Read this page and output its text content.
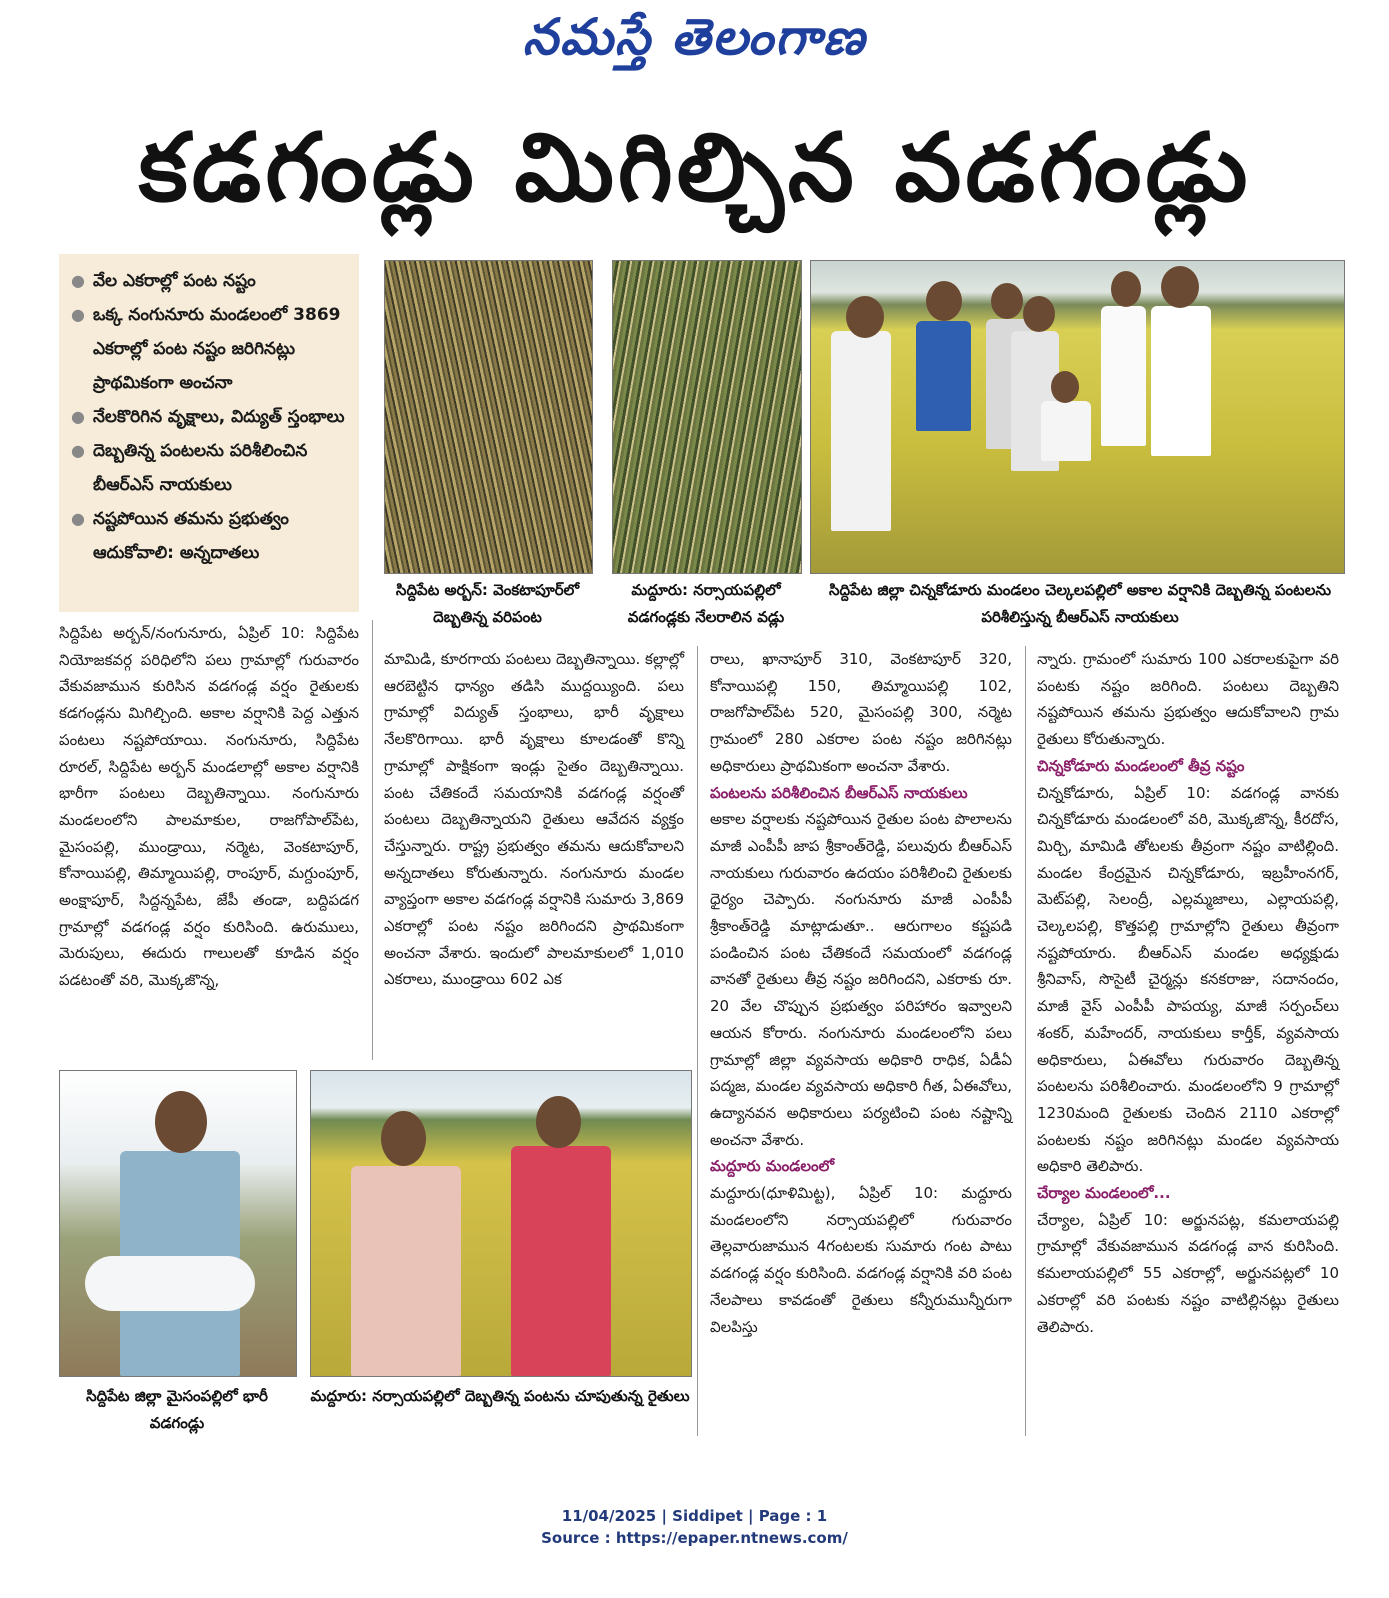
నమస్తే తెలంగాణ
కడగండ్లు మిగిల్చిన వడగండ్లు
● వేల ఎకరాల్లో పంట నష్టం
● ఒక్క నంగునూరు మండలంలో 3869 ఎకరాల్లో పంట నష్టం జరిగినట్లు ప్రాథమికంగా అంచనా
● నేలకొరిగిన వృక్షాలు, విద్యుత్ స్తంభాలు
● దెబ్బతిన్న పంటలను పరిశీలించిన బీఆర్ఎస్ నాయకులు
● నష్టపోయిన తమను ప్రభుత్వం ఆదుకోవాలి: అన్నదాతలు
సిద్దిపేట అర్బన్: వెంకటాపూర్‌లో దెబ్బతిన్న వరిపంట
మద్దూరు: నర్సాయపల్లిలో వడగండ్లకు నేలరాలిన వడ్లు
సిద్దిపేట జిల్లా చిన్నకోడూరు మండలం చెల్కలపల్లిలో అకాల వర్షానికి దెబ్బతిన్న పంటలను పరిశీలిస్తున్న బీఆర్ఎస్ నాయకులు
సిద్దిపేట అర్బన్/నంగునూరు, ఏప్రిల్ 10: సిద్దిపేట నియోజకవర్గ పరిధిలోని పలు గ్రామాల్లో గురువారం వేకువజామున కురిసిన వడగండ్ల వర్షం రైతులకు కడగండ్లను మిగిల్చింది. అకాల వర్షానికి పెద్ద ఎత్తున పంటలు నష్టపోయాయి. నంగునూరు, సిద్దిపేట రూరల్, సిద్దిపేట అర్బన్ మండలాల్లో అకాల వర్షానికి భారీగా పంటలు దెబ్బతిన్నాయి. నంగునూరు మండలంలోని పాలమాకుల, రాజగోపాల్‌పేట, మైసంపల్లి, ముండ్రాయి, నర్మెట, వెంకటాపూర్, కోనాయిపల్లి, తిమ్మాయిపల్లి, రాంపూర్, మగ్దుంపూర్, అంక్షాపూర్, సిద్దన్నపేట, జేపీ తండా, బద్దిపడగ గ్రామాల్లో వడగండ్ల వర్షం కురిసింది. ఉరుములు, మెరుపులు, ఈదురు గాలులతో కూడిన వర్షం పడటంతో వరి, మొక్కజొన్న,
మామిడి, కూరగాయ పంటలు దెబ్బతిన్నాయి. కల్లాల్లో ఆరబెట్టిన ధాన్యం తడిసి ముద్దయ్యింది. పలు గ్రామాల్లో విద్యుత్ స్తంభాలు, భారీ వృక్షాలు నేలకొరిగాయి. భారీ వృక్షాలు కూలడంతో కొన్ని గ్రామాల్లో పాక్షికంగా ఇండ్లు సైతం దెబ్బతిన్నాయి. పంట చేతికందే సమయానికి వడగండ్ల వర్షంతో పంటలు దెబ్బతిన్నాయని రైతులు ఆవేదన వ్యక్తం చేస్తున్నారు. రాష్ట్ర ప్రభుత్వం తమను ఆదుకోవాలని అన్నదాతలు కోరుతున్నారు. నంగునూరు మండల వ్యాప్తంగా అకాల వడగండ్ల వర్షానికి సుమారు 3,869 ఎకరాల్లో పంట నష్టం జరిగిందని ప్రాథమికంగా అంచనా వేశారు. ఇందులో పాలమాకులలో 1,010 ఎకరాలు, ముండ్రాయి 602 ఎక
రాలు, ఖానాపూర్ 310, వెంకటాపూర్ 320, కోనాయిపల్లి 150, తిమ్మాయిపల్లి 102, రాజగోపాల్‌పేట 520, మైసంపల్లి 300, నర్మెట గ్రామంలో 280 ఎకరాల పంట నష్టం జరిగినట్లు అధికారులు ప్రాథమికంగా అంచనా వేశారు.
పంటలను పరిశీలించిన బీఆర్ఎస్ నాయకులు
అకాల వర్షాలకు నష్టపోయిన రైతుల పంట పొలాలను మాజీ ఎంపీపీ జాప శ్రీకాంత్‌రెడ్డి, పలువురు బీఆర్ఎస్ నాయకులు గురువారం ఉదయం పరిశీలించి రైతులకు ధైర్యం చెప్పారు. నంగునూరు మాజీ ఎంపీపీ శ్రీకాంత్‌రెడ్డి మాట్లాడుతూ.. ఆరుగాలం కష్టపడి పండించిన పంట చేతికందే సమయంలో వడగండ్ల వానతో రైతులు తీవ్ర నష్టం జరిగిందని, ఎకరాకు రూ. 20 వేల చొప్పున ప్రభుత్వం పరిహారం ఇవ్వాలని ఆయన కోరారు. నంగునూరు మండలంలోని పలు గ్రామాల్లో జిల్లా వ్యవసాయ అధికారి రాధిక, ఏడీఏ పద్మజ, మండల వ్యవసాయ అధికారి గీత, ఏఈవోలు, ఉద్యానవన అధికారులు పర్యటించి పంట నష్టాన్ని అంచనా వేశారు.
మద్దూరు మండలంలో
మద్దూరు(ధూళిమిట్ట), ఏప్రిల్ 10: మద్దూరు మండలంలోని నర్సాయపల్లిలో గురువారం తెల్లవారుజామున 4గంటలకు సుమారు గంట పాటు వడగండ్ల వర్షం కురిసింది. వడగండ్ల వర్షానికి వరి పంట నేలపాలు కావడంతో రైతులు కన్నీరుమున్నీరుగా విలపిస్తు
న్నారు. గ్రామంలో సుమారు 100 ఎకరాలకుపైగా వరి పంటకు నష్టం జరిగింది. పంటలు దెబ్బతిని నష్టపోయిన తమను ప్రభుత్వం ఆదుకోవాలని గ్రామ రైతులు కోరుతున్నారు.
చిన్నకోడూరు మండలంలో తీవ్ర నష్టం
చిన్నకోడూరు, ఏప్రిల్ 10: వడగండ్ల వానకు చిన్నకోడూరు మండలంలో వరి, మొక్కజొన్న, కీరదోస, మిర్చి, మామిడి తోటలకు తీవ్రంగా నష్టం వాటిల్లింది. మండల కేంద్రమైన చిన్నకోడూరు, ఇబ్రహీంనగర్, మెట్‌పల్లి, సెలంద్రీ, ఎల్లమ్మజాలు, ఎల్లాయపల్లి, చెల్కలపల్లి, కొత్తపల్లి గ్రామాల్లోని రైతులు తీవ్రంగా నష్టపోయారు. బీఆర్ఎస్ మండల అధ్యక్షుడు శ్రీనివాస్, సొసైటీ చైర్మన్లు కనకరాజు, సదానందం, మాజీ వైస్ ఎంపీపీ పాపయ్య, మాజీ సర్పంచ్‌లు శంకర్, మహేందర్, నాయకులు కార్తీక్, వ్యవసాయ అధికారులు, ఏఈవోలు గురువారం దెబ్బతిన్న పంటలను పరిశీలించారు. మండలంలోని 9 గ్రామాల్లో 1230మంది రైతులకు చెందిన 2110 ఎకరాల్లో పంటలకు నష్టం జరిగినట్లు మండల వ్యవసాయ అధికారి తెలిపారు.
చేర్యాల మండలంలో...
చేర్యాల, ఏప్రిల్ 10: అర్జునపట్ల, కమలాయపల్లి గ్రామాల్లో వేకువజామున వడగండ్ల వాన కురిసింది. కమలాయపల్లిలో 55 ఎకరాల్లో, అర్జునపట్లలో 10 ఎకరాల్లో వరి పంటకు నష్టం వాటిల్లినట్లు రైతులు తెలిపారు.
సిద్దిపేట జిల్లా మైసంపల్లిలో భారీ వడగండ్లు
మద్దూరు: నర్సాయపల్లిలో దెబ్బతిన్న పంటను చూపుతున్న రైతులు
11/04/2025 | Siddipet | Page : 1
Source : https://epaper.ntnews.com/
